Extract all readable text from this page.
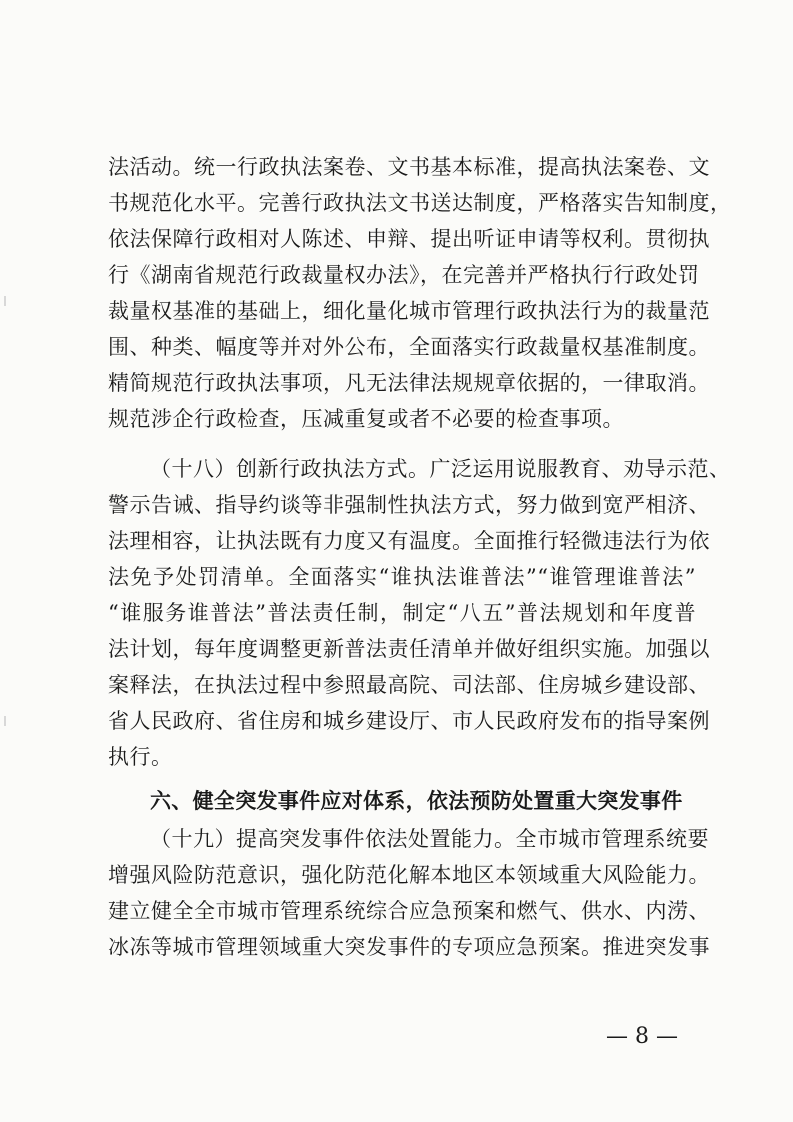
法活动。统一行政执法案卷、文书基本标准，提高执法案卷、文
书规范化水平。完善行政执法文书送达制度，严格落实告知制度，
依法保障行政相对人陈述、申辩、提出听证申请等权利。贯彻执
行《湖南省规范行政裁量权办法》，在完善并严格执行行政处罚
裁量权基准的基础上，细化量化城市管理行政执法行为的裁量范
围、种类、幅度等并对外公布，全面落实行政裁量权基准制度。
精简规范行政执法事项，凡无法律法规规章依据的，一律取消。
规范涉企行政检查，压减重复或者不必要的检查事项。
（十八）创新行政执法方式。广泛运用说服教育、劝导示范、
警示告诫、指导约谈等非强制性执法方式，努力做到宽严相济、
法理相容，让执法既有力度又有温度。全面推行轻微违法行为依
法免予处罚清单。全面落实“谁执法谁普法”“谁管理谁普法”
“谁服务谁普法”普法责任制，制定“八五”普法规划和年度普
法计划，每年度调整更新普法责任清单并做好组织实施。加强以
案释法，在执法过程中参照最高院、司法部、住房城乡建设部、
省人民政府、省住房和城乡建设厅、市人民政府发布的指导案例
执行。
六、健全突发事件应对体系，依法预防处置重大突发事件
（十九）提高突发事件依法处置能力。全市城市管理系统要
增强风险防范意识，强化防范化解本地区本领域重大风险能力。
建立健全全市城市管理系统综合应急预案和燃气、供水、内涝、
冰冻等城市管理领域重大突发事件的专项应急预案。推进突发事
— 8 —
